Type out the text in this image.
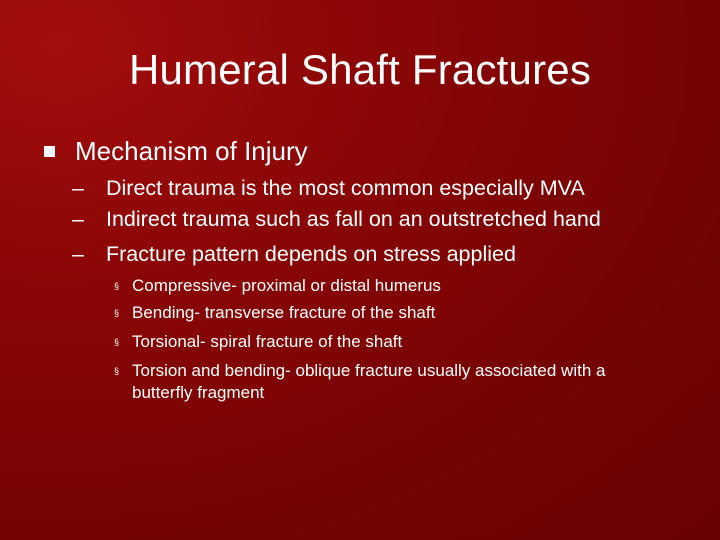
Humeral Shaft Fractures
Mechanism of Injury
–	Direct trauma is the most common especially MVA
–	Indirect trauma such as fall on an outstretched hand
–	Fracture pattern depends on stress applied
§ Compressive- proximal or distal humerus
§ Bending- transverse fracture of the shaft
§ Torsional- spiral fracture of the shaft
§ Torsion and bending- oblique fracture usually associated with a butterfly fragment
